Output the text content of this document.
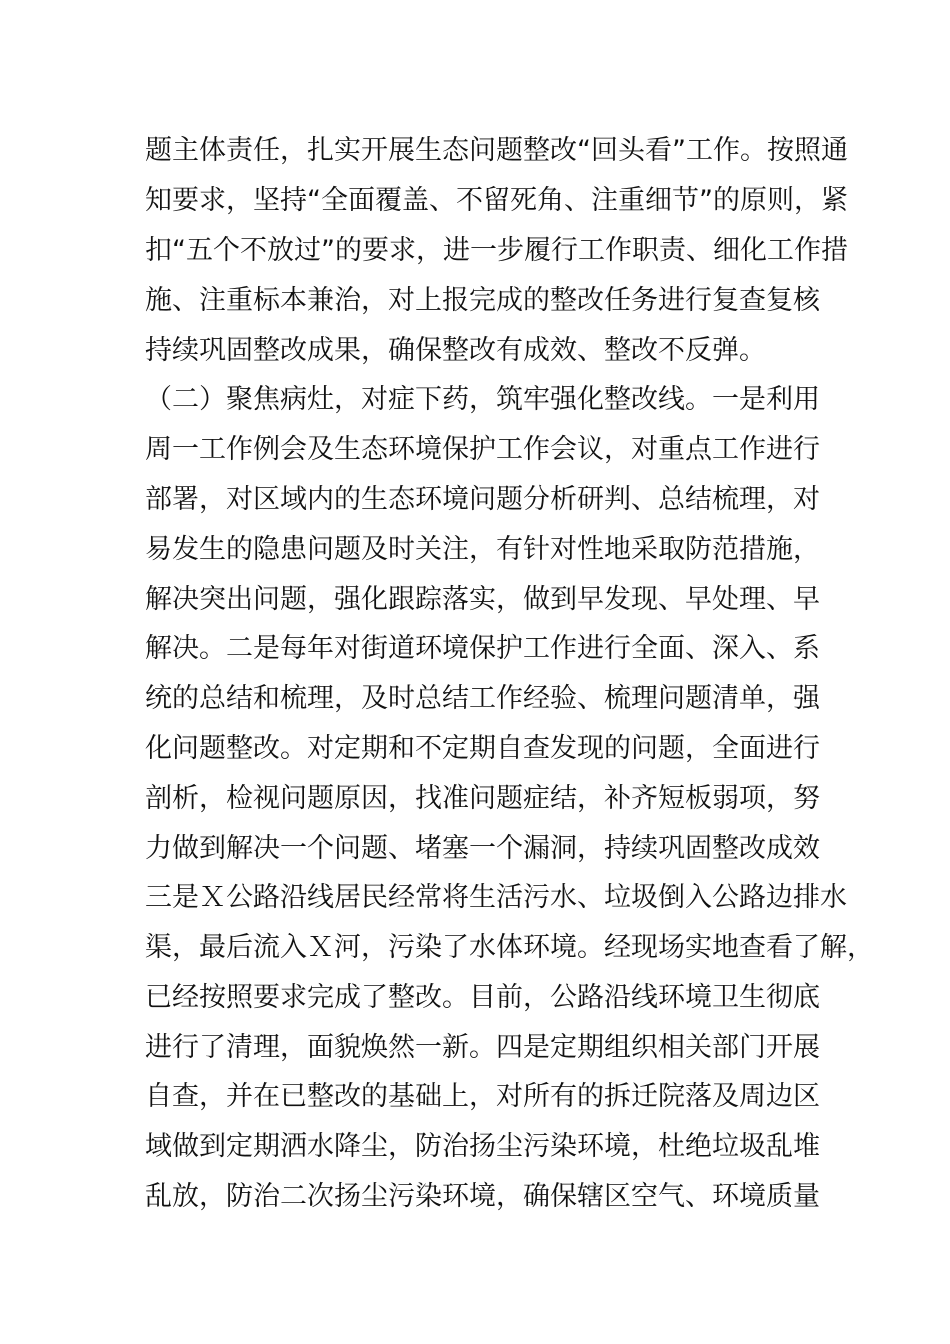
题主体责任，扎实开展生态问题整改“回头看”工作。按照通
知要求，坚持“全面覆盖、不留死角、注重细节”的原则，紧
扣“五个不放过”的要求，进一步履行工作职责、细化工作措
施、注重标本兼治，对上报完成的整改任务进行复查复核
持续巩固整改成果，确保整改有成效、整改不反弹。
（二）聚焦病灶，对症下药，筑牢强化整改线。一是利用
周一工作例会及生态环境保护工作会议，对重点工作进行
部署，对区域内的生态环境问题分析研判、总结梳理，对
易发生的隐患问题及时关注，有针对性地采取防范措施，
解决突出问题，强化跟踪落实，做到早发现、早处理、早
解决。二是每年对街道环境保护工作进行全面、深入、系
统的总结和梳理，及时总结工作经验、梳理问题清单，强
化问题整改。对定期和不定期自查发现的问题，全面进行
剖析，检视问题原因，找准问题症结，补齐短板弱项，努
力做到解决一个问题、堵塞一个漏洞，持续巩固整改成效
三是Ｘ公路沿线居民经常将生活污水、垃圾倒入公路边排水
渠，最后流入Ｘ河，污染了水体环境。经现场实地查看了解，
已经按照要求完成了整改。目前，公路沿线环境卫生彻底
进行了清理，面貌焕然一新。四是定期组织相关部门开展
自查，并在已整改的基础上，对所有的拆迁院落及周边区
域做到定期洒水降尘，防治扬尘污染环境，杜绝垃圾乱堆
乱放，防治二次扬尘污染环境，确保辖区空气、环境质量
